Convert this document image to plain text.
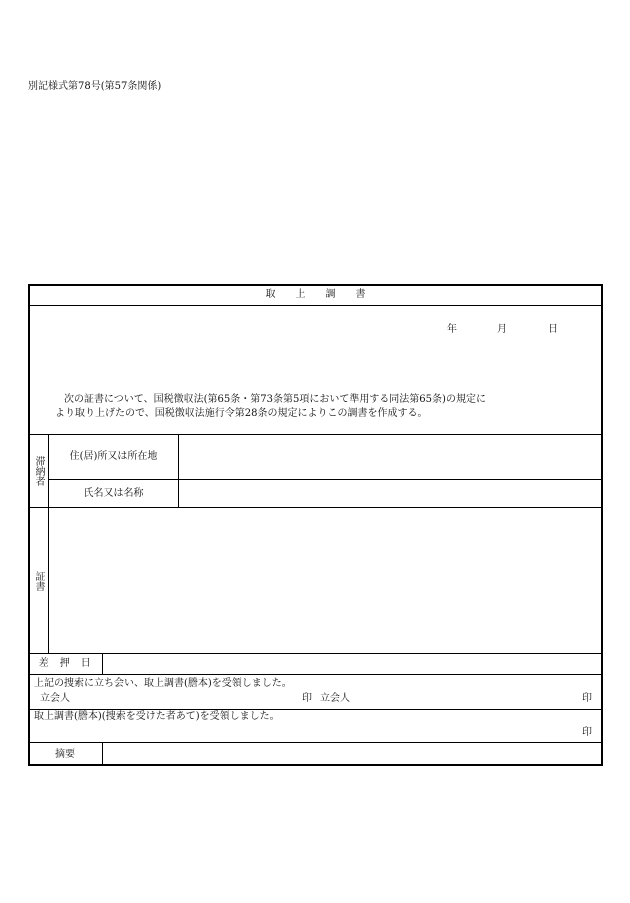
別記様式第78号(第57条関係)
取　上　調　書
年	月	日
次の証書について、国税徴収法(第65条・第73条第5項において準用する同法第65条)の規定に
より取り上げたので、国税徴収法施行令第28条の規定によりこの調書を作成する。
滞納者	住(居)所又は所在地
氏名又は名称
証書
差　押　日
上記の捜索に立ち会い、取上調書(謄本)を受領しました。
立会人	印 立会人	印
取上調書(謄本)(捜索を受けた者あて)を受領しました。
印
摘要
